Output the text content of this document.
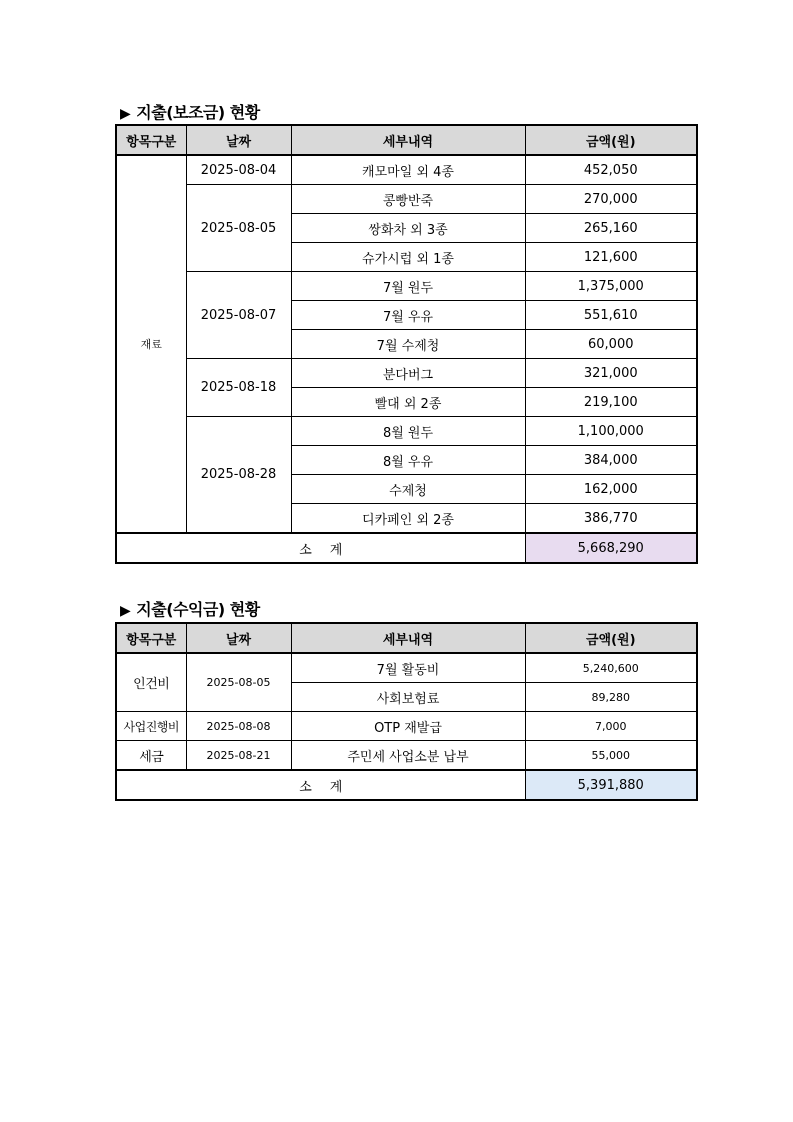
▶ 지출(보조금) 현황
항목구분	날짜	세부내역	금액(원)
재료	2025-08-04	캐모마일 외 4종	452,050
	2025-08-05	콩빵반죽	270,000
		쌍화차 외 3종	265,160
		슈가시럽 외 1종	121,600
	2025-08-07	7월 원두	1,375,000
		7월 우유	551,610
		7월 수제청	60,000
	2025-08-18	분다버그	321,000
		빨대 외 2종	219,100
	2025-08-28	8월 원두	1,100,000
		8월 우유	384,000
		수제청	162,000
		디카페인 외 2종	386,770
소계			5,668,290
▶ 지출(수익금) 현황
항목구분	날짜	세부내역	금액(원)
인건비	2025-08-05	7월 활동비	5,240,600
		사회보험료	89,280
사업진행비	2025-08-08	OTP 재발급	7,000
세금	2025-08-21	주민세 사업소분 납부	55,000
소계			5,391,880
